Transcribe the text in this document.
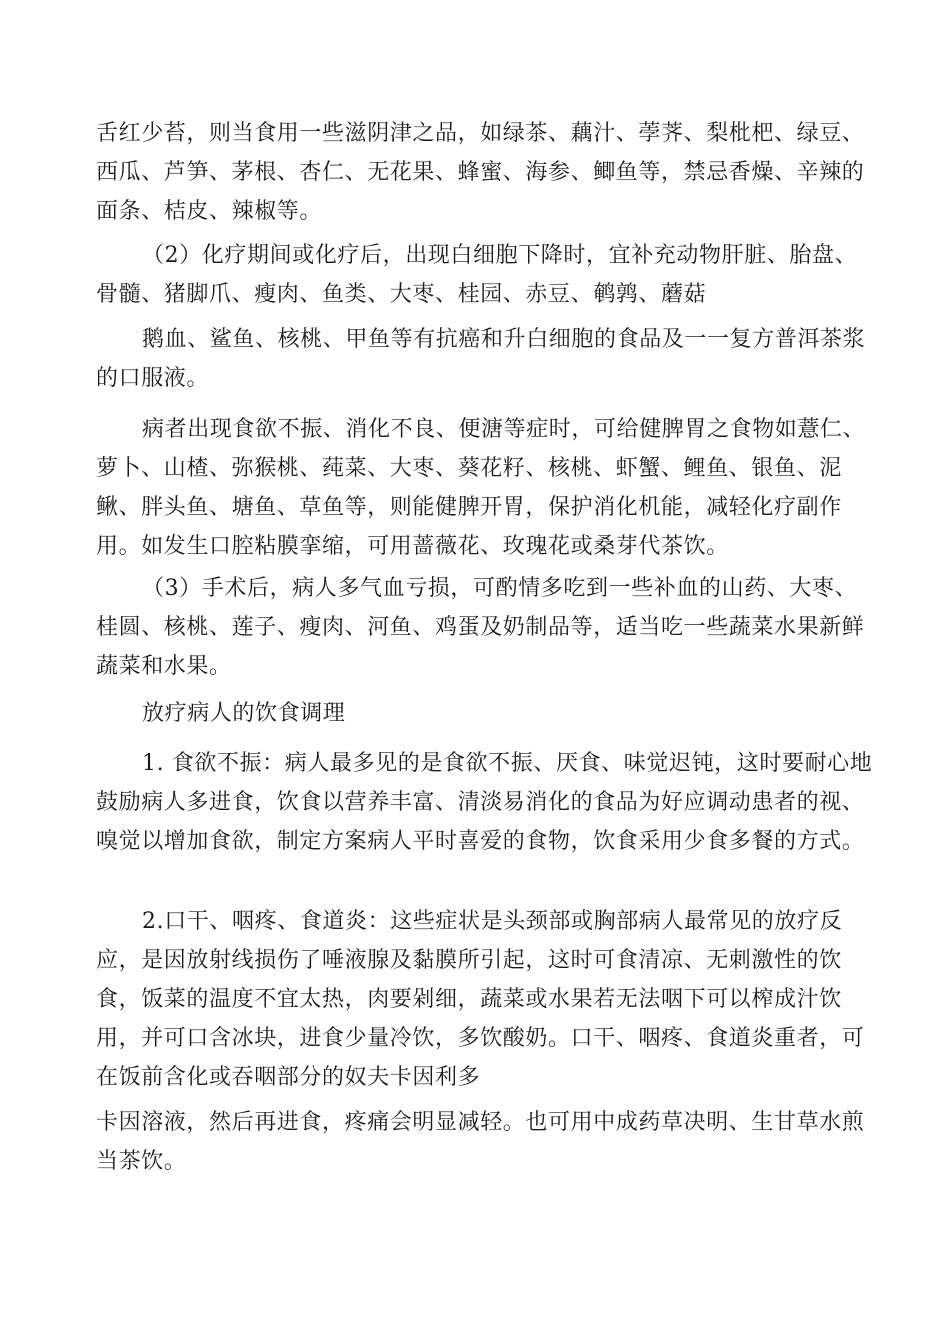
舌红少苔，则当食用一些滋阴津之品，如绿茶、藕汁、荸荠、梨枇杷、绿豆、西瓜、芦笋、茅根、杏仁、无花果、蜂蜜、海参、鲫鱼等，禁忌香燥、辛辣的面条、桔皮、辣椒等。

（2）化疗期间或化疗后，出现白细胞下降时，宜补充动物肝脏、胎盘、骨髓、猪脚爪、瘦肉、鱼类、大枣、桂园、赤豆、鹌鹑、蘑菇

鹅血、鲨鱼、核桃、甲鱼等有抗癌和升白细胞的食品及一一复方普洱茶浆的口服液。

病者出现食欲不振、消化不良、便溏等症时，可给健脾胃之食物如薏仁、萝卜、山楂、弥猴桃、莼菜、大枣、葵花籽、核桃、虾蟹、鲤鱼、银鱼、泥鳅、胖头鱼、塘鱼、草鱼等，则能健脾开胃，保护消化机能，减轻化疗副作用。如发生口腔粘膜挛缩，可用蔷薇花、玫瑰花或桑芽代茶饮。

（3）手术后，病人多气血亏损，可酌情多吃到一些补血的山药、大枣、桂圆、核桃、莲子、瘦肉、河鱼、鸡蛋及奶制品等，适当吃一些蔬菜水果新鲜蔬菜和水果。

放疗病人的饮食调理

1. 食欲不振：病人最多见的是食欲不振、厌食、味觉迟钝，这时要耐心地鼓励病人多进食，饮食以营养丰富、清淡易消化的食品为好应调动患者的视、嗅觉以增加食欲，制定方案病人平时喜爱的食物，饮食采用少食多餐的方式。

2.口干、咽疼、食道炎：这些症状是头颈部或胸部病人最常见的放疗反应，是因放射线损伤了唾液腺及黏膜所引起，这时可食清凉、无刺激性的饮食，饭菜的温度不宜太热，肉要剁细，蔬菜或水果若无法咽下可以榨成汁饮用，并可口含冰块，进食少量冷饮，多饮酸奶。口干、咽疼、食道炎重者，可在饭前含化或吞咽部分的奴夫卡因利多

卡因溶液，然后再进食，疼痛会明显减轻。也可用中成药草决明、生甘草水煎当茶饮。
